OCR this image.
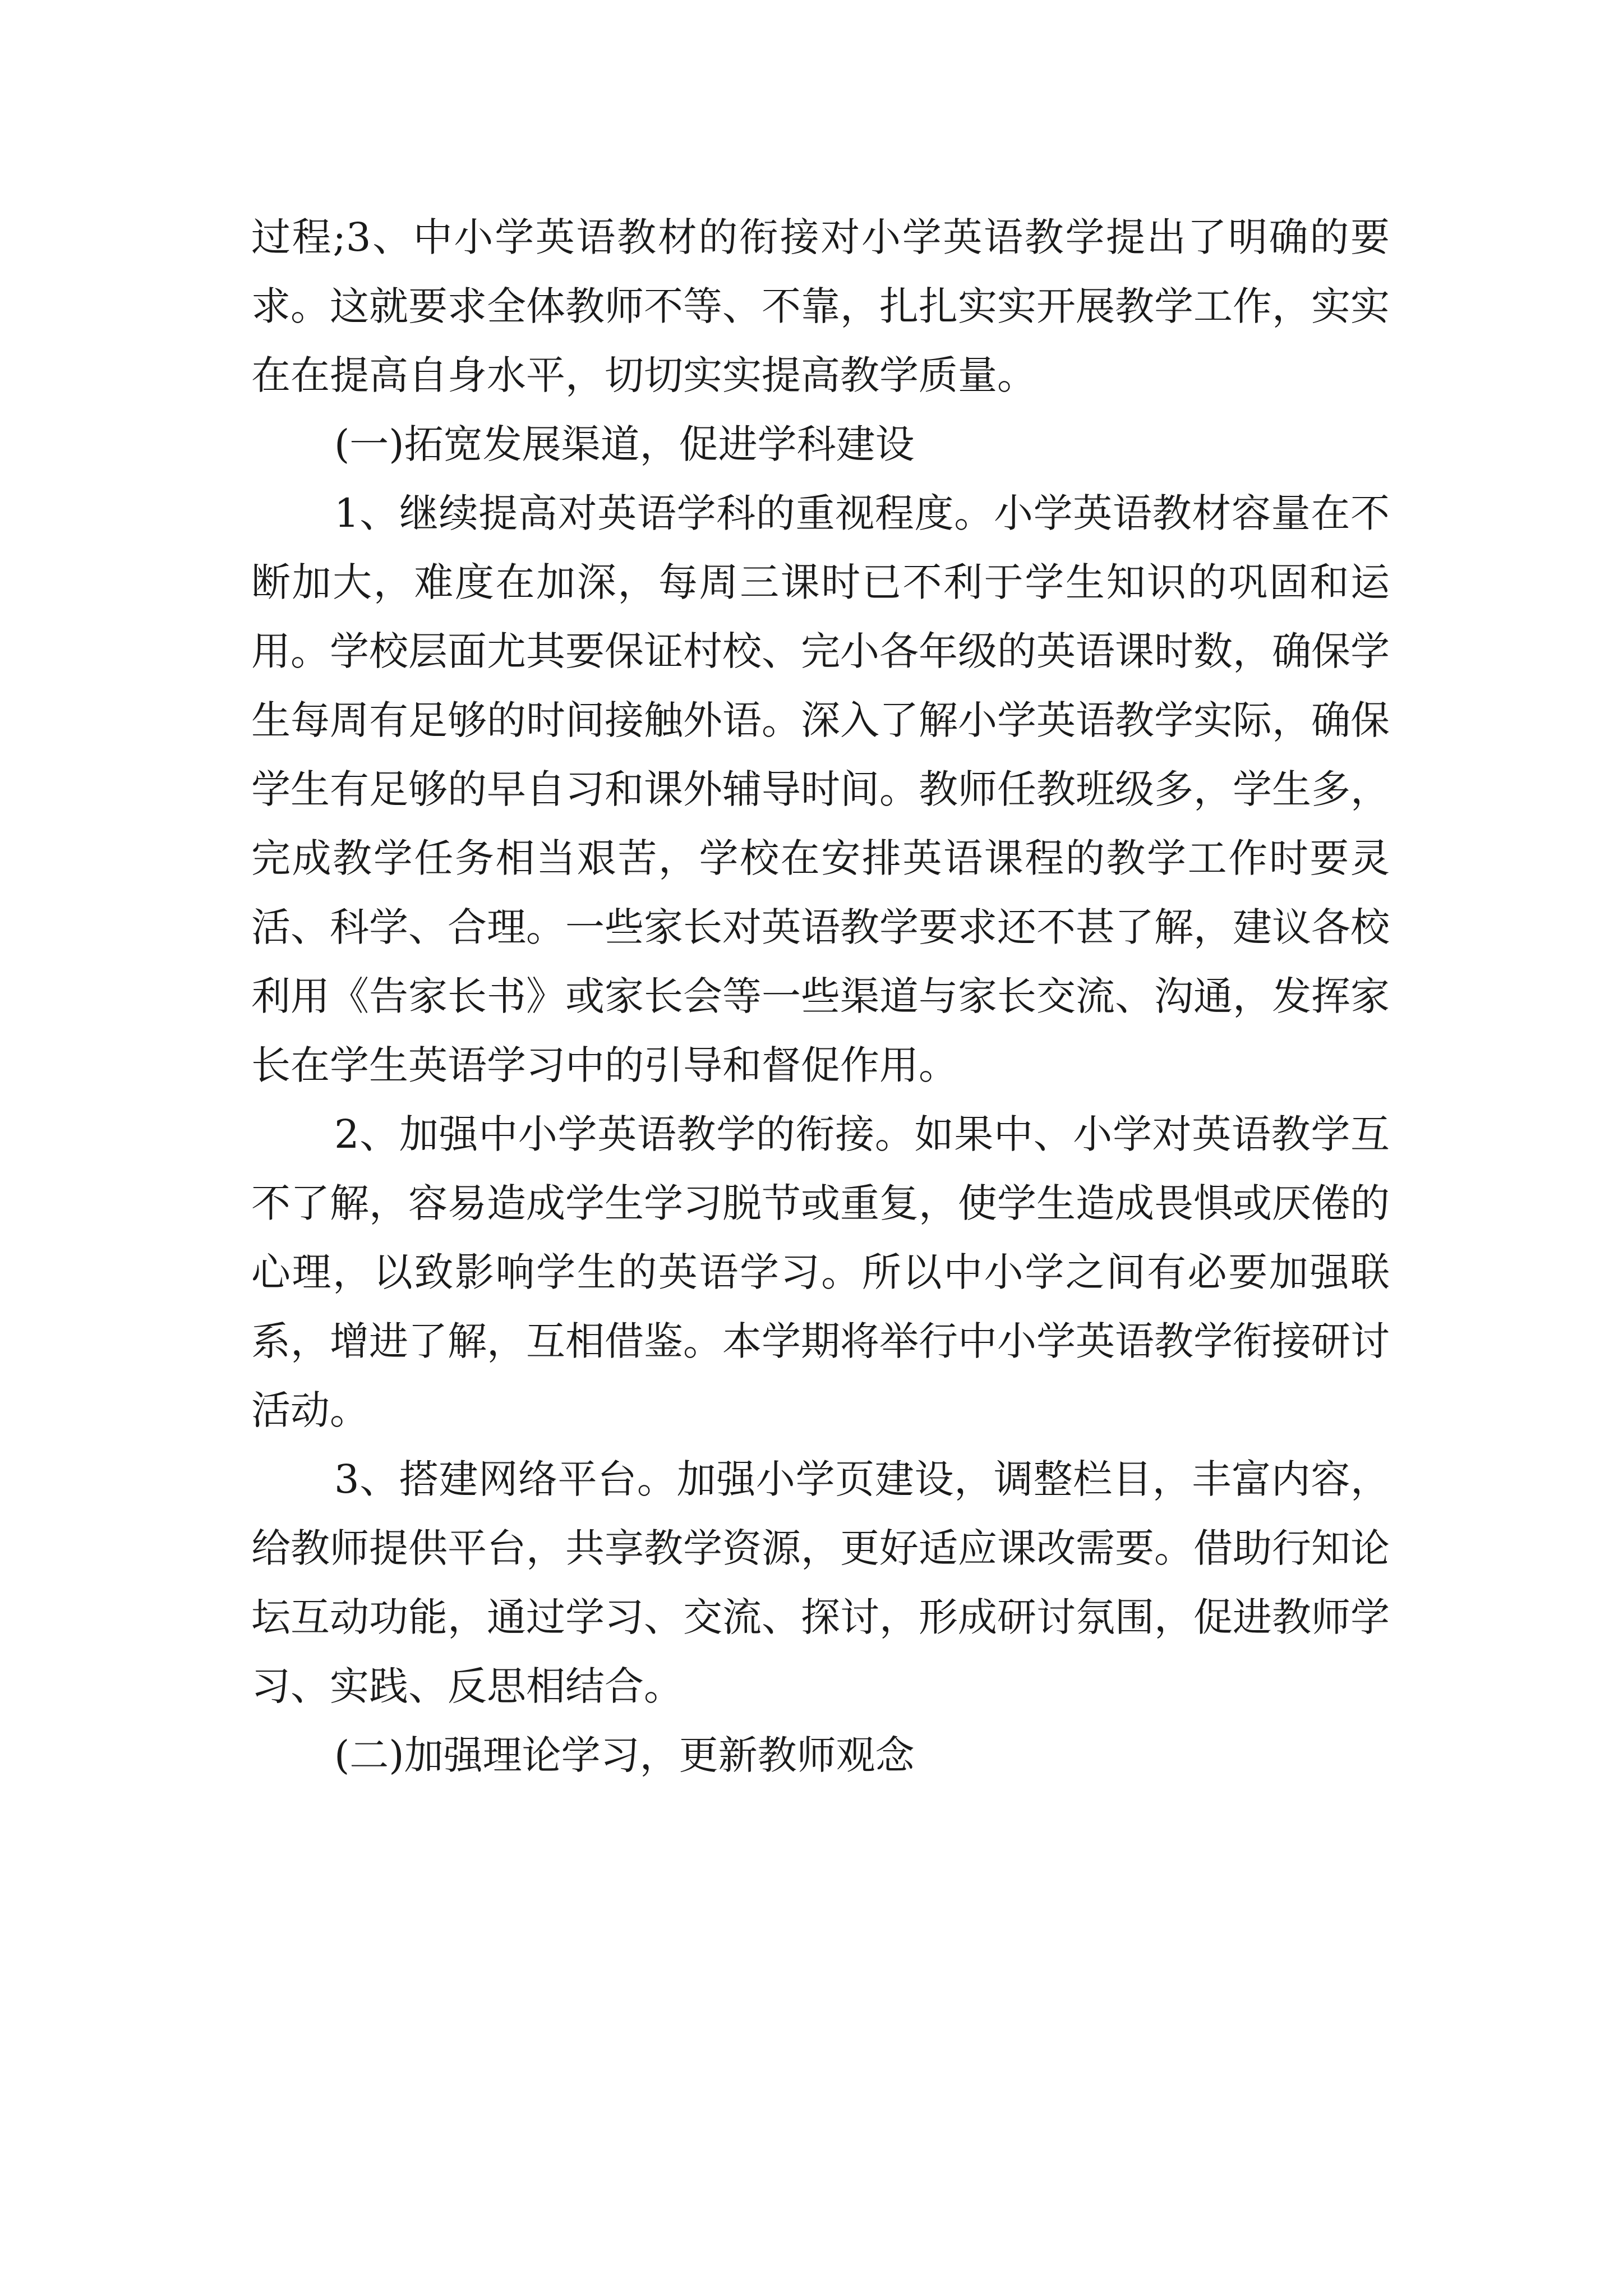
过程;3、中小学英语教材的衔接对小学英语教学提出了明确的要求。这就要求全体教师不等、不靠，扎扎实实开展教学工作，实实在在提高自身水平，切切实实提高教学质量。

(一)拓宽发展渠道，促进学科建设

1、继续提高对英语学科的重视程度。小学英语教材容量在不断加大，难度在加深，每周三课时已不利于学生知识的巩固和运用。学校层面尤其要保证村校、完小各年级的英语课时数，确保学生每周有足够的时间接触外语。深入了解小学英语教学实际，确保学生有足够的早自习和课外辅导时间。教师任教班级多，学生多，完成教学任务相当艰苦，学校在安排英语课程的教学工作时要灵活、科学、合理。一些家长对英语教学要求还不甚了解，建议各校利用《告家长书》或家长会等一些渠道与家长交流、沟通，发挥家长在学生英语学习中的引导和督促作用。

2、加强中小学英语教学的衔接。如果中、小学对英语教学互不了解，容易造成学生学习脱节或重复，使学生造成畏惧或厌倦的心理，以致影响学生的英语学习。所以中小学之间有必要加强联系，增进了解，互相借鉴。本学期将举行中小学英语教学衔接研讨活动。

3、搭建网络平台。加强小学页建设，调整栏目，丰富内容，给教师提供平台，共享教学资源，更好适应课改需要。借助行知论坛互动功能，通过学习、交流、探讨，形成研讨氛围，促进教师学习、实践、反思相结合。

(二)加强理论学习，更新教师观念
